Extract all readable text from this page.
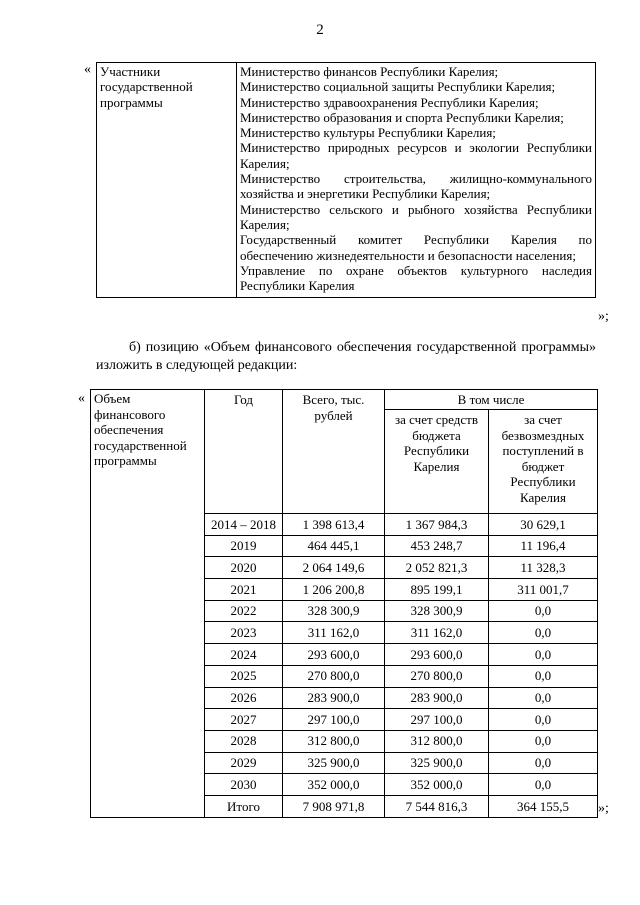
2
« Участники государственной программы	
Министерство финансов Республики Карелия;
Министерство социальной защиты Республики Карелия;
Министерство здравоохранения Республики Карелия;
Министерство образования и спорта Республики Карелия;
Министерство культуры Республики Карелия;
Министерство природных ресурсов и экологии Республики Карелия;
Министерство строительства, жилищно-коммунального хозяйства и энергетики Республики Карелия;
Министерство сельского и рыбного хозяйства Республики Карелия;
Государственный комитет Республики Карелия по обеспечению жизнедеятельности и безопасности населения;
Управление по охране объектов культурного наследия Республики Карелия
»;
б) позицию «Объем финансового обеспечения государственной программы» изложить в следующей редакции:
« Объем финансового обеспечения государственной программы	Год	Всего, тыс. рублей	В том числе	
			за счет средств бюджета Республики Карелия	за счет безвозмездных поступлений в бюджет Республики Карелия
	2014 – 2018	1 398 613,4	1 367 984,3	30 629,1
	2019	464 445,1	453 248,7	11 196,4
	2020	2 064 149,6	2 052 821,3	11 328,3
	2021	1 206 200,8	895 199,1	311 001,7
	2022	328 300,9	328 300,9	0,0
	2023	311 162,0	311 162,0	0,0
	2024	293 600,0	293 600,0	0,0
	2025	270 800,0	270 800,0	0,0
	2026	283 900,0	283 900,0	0,0
	2027	297 100,0	297 100,0	0,0
	2028	312 800,0	312 800,0	0,0
	2029	325 900,0	325 900,0	0,0
	2030	352 000,0	352 000,0	0,0
	Итого	7 908 971,8	7 544 816,3	364 155,5 »;
